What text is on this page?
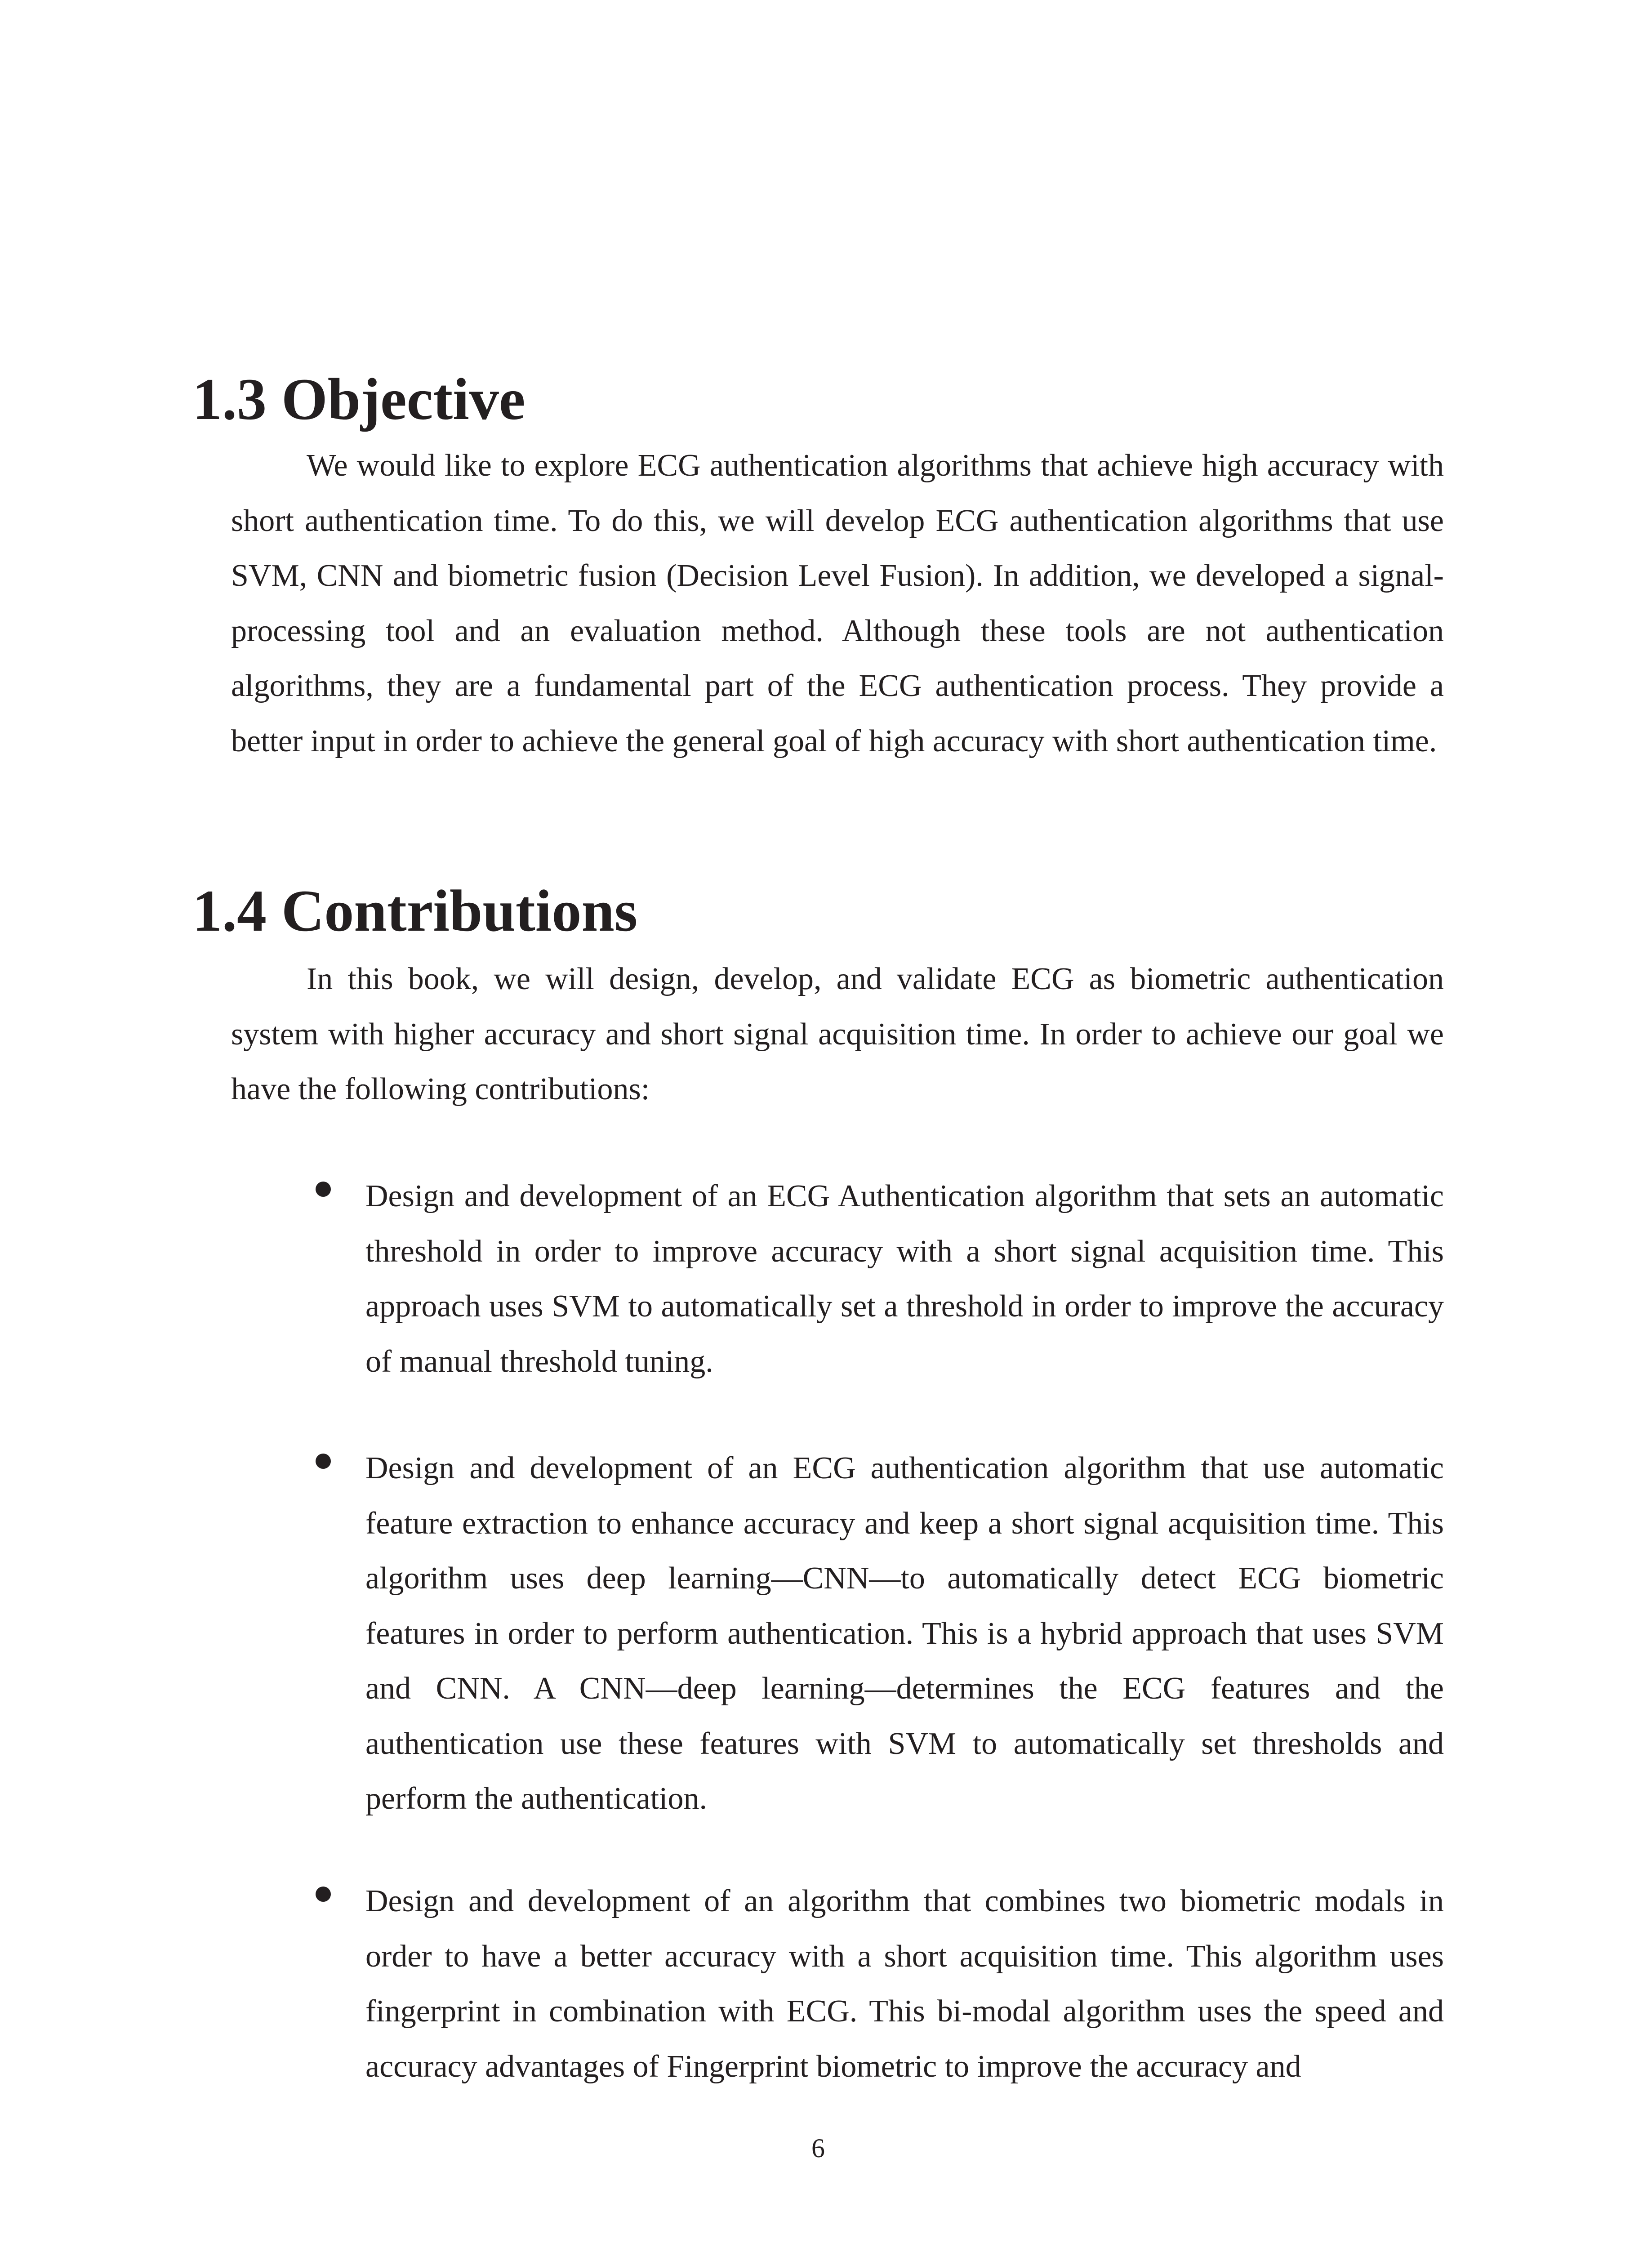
1.3 Objective

We would like to explore ECG authentication algorithms that achieve high accuracy with short authentication time. To do this, we will develop ECG authentication algorithms that use SVM, CNN and biometric fusion (Decision Level Fusion). In addition, we developed a signal-processing tool and an evaluation method. Although these tools are not authentication algorithms, they are a fundamental part of the ECG authentication process. They provide a better input in order to achieve the general goal of high accuracy with short authentication time.

1.4 Contributions

In this book, we will design, develop, and validate ECG as biometric authentication system with higher accuracy and short signal acquisition time. In order to achieve our goal we have the following contributions:

Design and development of an ECG Authentication algorithm that sets an automatic threshold in order to improve accuracy with a short signal acquisition time. This approach uses SVM to automatically set a threshold in order to improve the accuracy of manual threshold tuning.

Design and development of an ECG authentication algorithm that use automatic feature extraction to enhance accuracy and keep a short signal acquisition time. This algorithm uses deep learning—CNN—to automatically detect ECG biometric features in order to perform authentication. This is a hybrid approach that uses SVM and CNN. A CNN—deep learning—determines the ECG features and the authentication use these features with SVM to automatically set thresholds and perform the authentication.

Design and development of an algorithm that combines two biometric modals in order to have a better accuracy with a short acquisition time. This algorithm uses fingerprint in combination with ECG. This bi-modal algorithm uses the speed and accuracy advantages of Fingerprint biometric to improve the accuracy and

6
